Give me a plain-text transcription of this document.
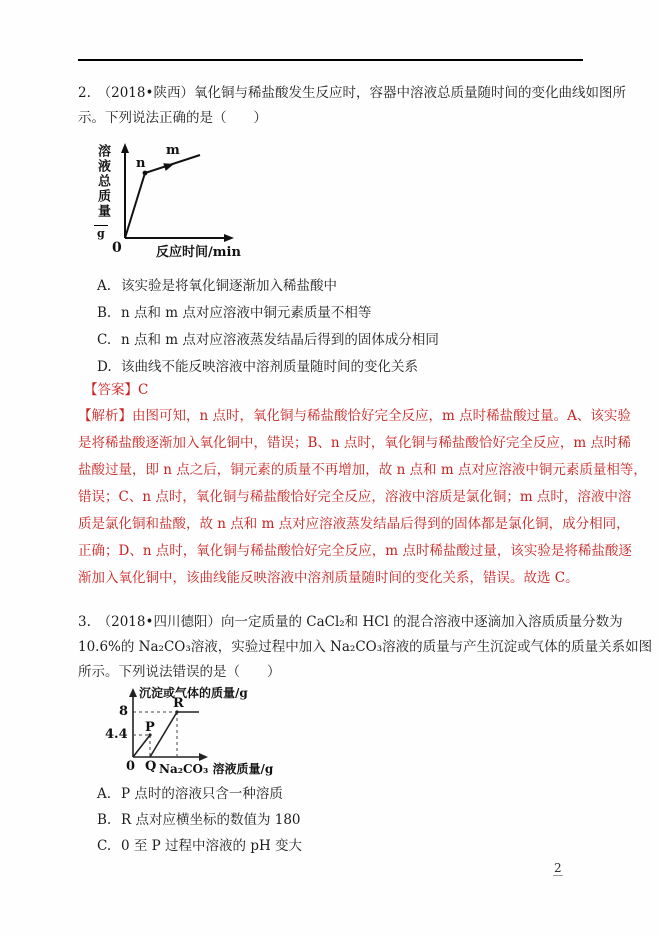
2.　（2018•陕西）氧化铜与稀盐酸发生反应时，容器中溶液总质量随时间的变化曲线如图所
示。下列说法正确的是（　　）
溶液总质量
g
n
m
0	反应时间/min
A. 该实验是将氧化铜逐渐加入稀盐酸中
B. n 点和 m 点对应溶液中铜元素质量不相等
C. n 点和 m 点对应溶液蒸发结晶后得到的固体成分相同
D. 该曲线不能反映溶液中溶剂质量随时间的变化关系
【答案】C
【解析】由图可知，n 点时，氧化铜与稀盐酸恰好完全反应，m 点时稀盐酸过量。A、该实验
是将稀盐酸逐渐加入氧化铜中，错误；B、n 点时，氧化铜与稀盐酸恰好完全反应，m 点时稀
盐酸过量，即 n 点之后，铜元素的质量不再增加，故 n 点和 m 点对应溶液中铜元素质量相等，
错误；C、n 点时，氧化铜与稀盐酸恰好完全反应，溶液中溶质是氯化铜；m 点时，溶液中溶
质是氯化铜和盐酸，故 n 点和 m 点对应溶液蒸发结晶后得到的固体都是氯化铜，成分相同，
正确；D、n 点时，氧化铜与稀盐酸恰好完全反应，m 点时稀盐酸过量，该实验是将稀盐酸逐
渐加入氧化铜中，该曲线能反映溶液中溶剂质量随时间的变化关系，错误。故选 C。
3.　（2018•四川德阳）向一定质量的 CaCl₂和 HCl 的混合溶液中逐滴加入溶质质量分数为
10.6%的 Na₂CO₃溶液，实验过程中加入 Na₂CO₃溶液的质量与产生沉淀或气体的质量关系如图
所示。下列说法错误的是（　　）
沉淀或气体的质量/g
8
4.4 P
R
0 Q Na₂CO₃ 溶液质量/g
A. P 点时的溶液只含一种溶质
B. R 点对应横坐标的数值为 180
C. 0 至 P 过程中溶液的 pH 变大
2
